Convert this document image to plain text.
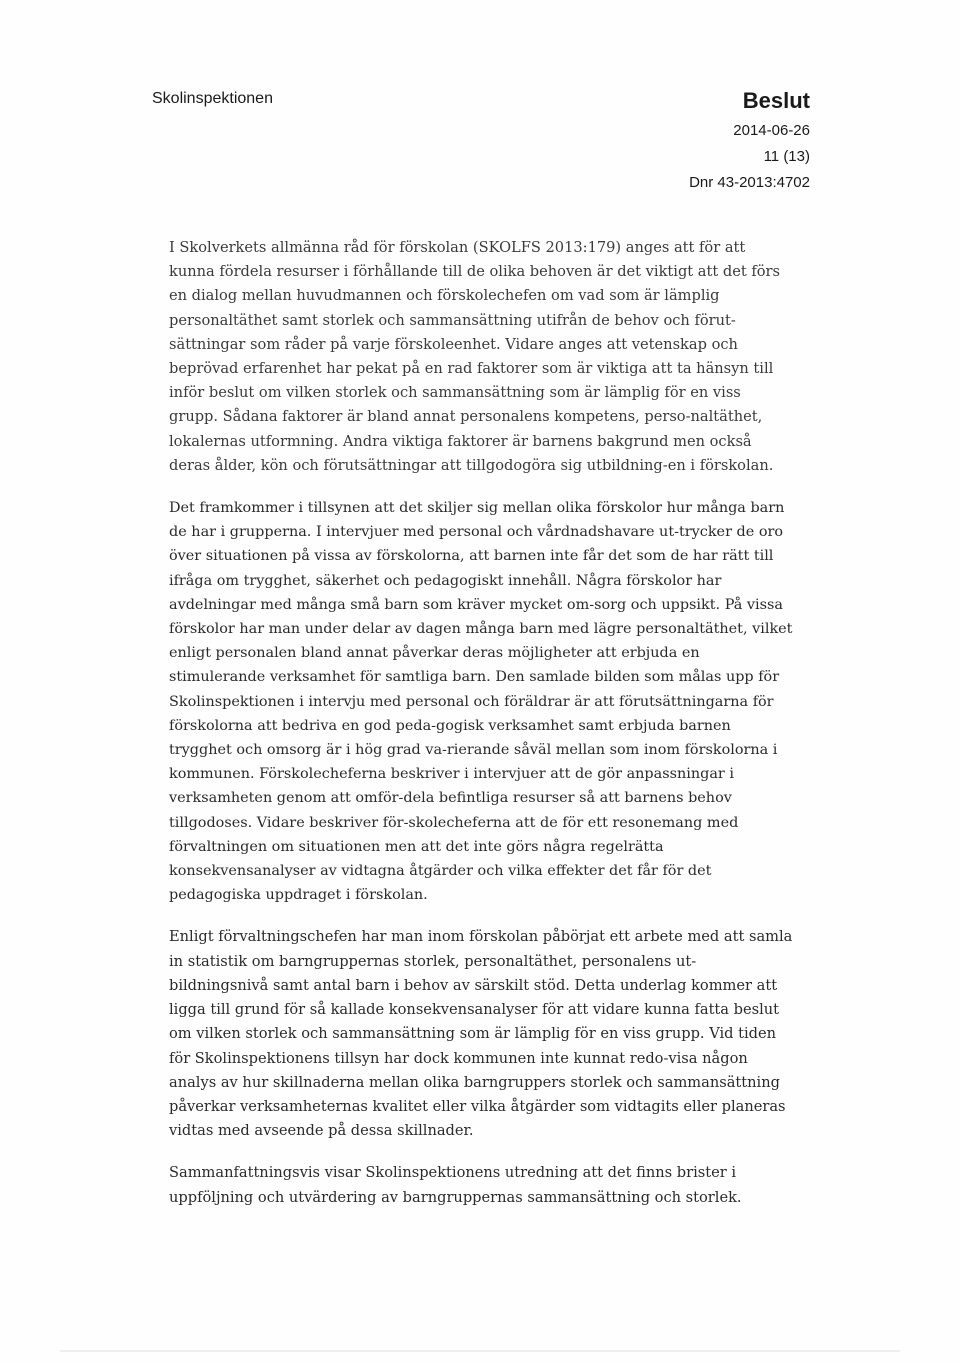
Skolinspektionen	Beslut
2014-06-26
11 (13)
Dnr 43-2013:4702

I Skolverkets allmänna råd för förskolan (SKOLFS 2013:179) anges att för att kunna fördela resurser i förhållande till de olika behoven är det viktigt att det förs en dialog mellan huvudmannen och förskolechefen om vad som är lämplig personaltäthet samt storlek och sammansättning utifrån de behov och förut-sättningar som råder på varje förskoleenhet. Vidare anges att vetenskap och beprövad erfarenhet har pekat på en rad faktorer som är viktiga att ta hänsyn till inför beslut om vilken storlek och sammansättning som är lämplig för en viss grupp. Sådana faktorer är bland annat personalens kompetens, perso-naltäthet, lokalernas utformning. Andra viktiga faktorer är barnens bakgrund men också deras ålder, kön och förutsättningar att tillgodogöra sig utbildning-en i förskolan.

Det framkommer i tillsynen att det skiljer sig mellan olika förskolor hur många barn de har i grupperna. I intervjuer med personal och vårdnadshavare ut-trycker de oro över situationen på vissa av förskolorna, att barnen inte får det som de har rätt till ifråga om trygghet, säkerhet och pedagogiskt innehåll. Några förskolor har avdelningar med många små barn som kräver mycket om-sorg och uppsikt. På vissa förskolor har man under delar av dagen många barn med lägre personaltäthet, vilket enligt personalen bland annat påverkar deras möjligheter att erbjuda en stimulerande verksamhet för samtliga barn. Den samlade bilden som målas upp för Skolinspektionen i intervju med personal och föräldrar är att förutsättningarna för förskolorna att bedriva en god peda-gogisk verksamhet samt erbjuda barnen trygghet och omsorg är i hög grad va-rierande såväl mellan som inom förskolorna i kommunen. Förskolecheferna beskriver i intervjuer att de gör anpassningar i verksamheten genom att omför-dela befintliga resurser så att barnens behov tillgodoses. Vidare beskriver för-skolecheferna att de för ett resonemang med förvaltningen om situationen men att det inte görs några regelrätta konsekvensanalyser av vidtagna åtgärder och vilka effekter det får för det pedagogiska uppdraget i förskolan.

Enligt förvaltningschefen har man inom förskolan påbörjat ett arbete med att samla in statistik om barngruppernas storlek, personaltäthet, personalens ut-bildningsnivå samt antal barn i behov av särskilt stöd. Detta underlag kommer att ligga till grund för så kallade konsekvensanalyser för att vidare kunna fatta beslut om vilken storlek och sammansättning som är lämplig för en viss grupp. Vid tiden för Skolinspektionens tillsyn har dock kommunen inte kunnat redo-visa någon analys av hur skillnaderna mellan olika barngruppers storlek och sammansättning påverkar verksamheternas kvalitet eller vilka åtgärder som vidtagits eller planeras vidtas med avseende på dessa skillnader.

Sammanfattningsvis visar Skolinspektionens utredning att det finns brister i uppföljning och utvärdering av barngruppernas sammansättning och storlek.
